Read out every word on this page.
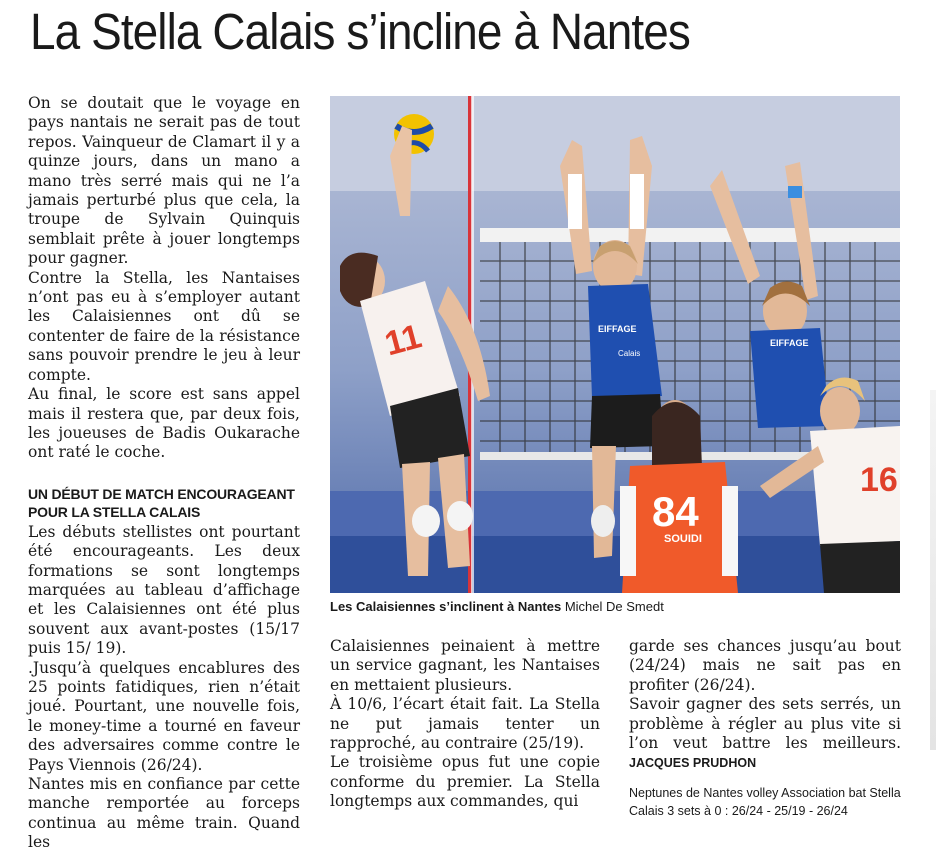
La Stella Calais s’incline à Nantes

On se doutait que le voyage en pays nantais ne serait pas de tout repos. Vainqueur de Clamart il y a quinze jours, dans un mano a mano très serré mais qui ne l’a jamais perturbé plus que cela, la troupe de Sylvain Quinquis semblait prête à jouer longtemps pour gagner.

Contre la Stella, les Nantaises n’ont pas eu à s’employer autant les Calaisiennes ont dû se contenter de faire de la résistance sans pouvoir prendre le jeu à leur compte.

Au final, le score est sans appel mais il restera que, par deux fois, les joueuses de Badis Oukarache ont raté le coche.

UN DÉBUT DE MATCH ENCOURAGEANT POUR LA STELLA CALAIS

Les débuts stellistes ont pourtant été encourageants. Les deux formations se sont longtemps marquées au tableau d’affichage et les Calaisiennes ont été plus souvent aux avant-postes (15/17 puis 15/ 19).

.Jusqu’à quelques encablures des 25 points fatidiques, rien n’était joué. Pourtant, une nouvelle fois, le money-time a tourné en faveur des adversaires comme contre le Pays Viennois (26/24).

Nantes mis en confiance par cette manche remportée au forceps continua au même train. Quand les

11	EIFFAGE
Calais
EIFFAGE
84
SOUIDI
16
Les Calaisiennes s’inclinent à Nantes Michel De Smedt

Calaisiennes peinaient à mettre un service gagnant, les Nantaises en mettaient plusieurs.

À 10/6, l’écart était fait. La Stella ne put jamais tenter un rapproché, au contraire (25/19).

Le troisième opus fut une copie conforme du premier. La Stella longtemps aux commandes, qui

garde ses chances jusqu’au bout (24/24) mais ne sait pas en profiter (26/24).

Savoir gagner des sets serrés, un problème à régler au plus vite si l’on veut battre les meilleurs. JACQUES PRUDHON

Neptunes de Nantes volley Association bat Stella Calais 3 sets à 0 : 26/24 - 25/19 - 26/24
